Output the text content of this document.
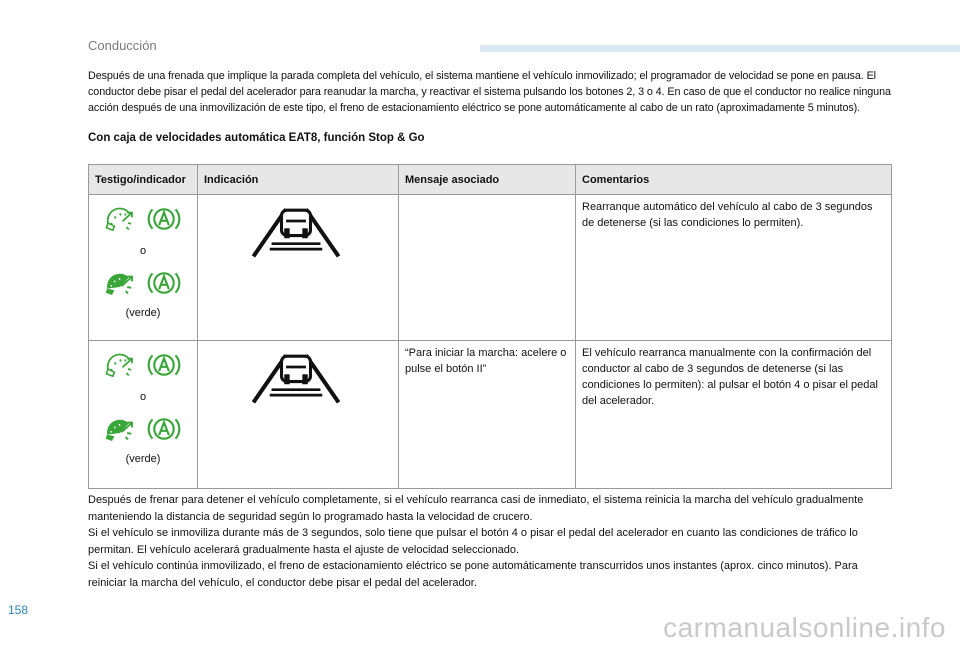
Conducción

Después de una frenada que implique la parada completa del vehículo, el sistema mantiene el vehículo inmovilizado; el programador de velocidad se pone en pausa. El conductor debe pisar el pedal del acelerador para reanudar la marcha, y reactivar el sistema pulsando los botones 2, 3 o 4. En caso de que el conductor no realice ninguna acción después de una inmovilización de este tipo, el freno de estacionamiento eléctrico se pone automáticamente al cabo de un rato (aproximadamente 5 minutos).

Con caja de velocidades automática EAT8, función Stop & Go
Testigo/indicador	Indicación	Mensaje asociado	Comentarios

o
(verde)			Rearranque automático del vehículo al cabo de 3 segundos de detenerse (si las condiciones lo permiten).

o
(verde)		“Para iniciar la marcha: acelere o pulse el botón II”	El vehículo rearranca manualmente con la confirmación del conductor al cabo de 3 segundos de detenerse (si las condiciones lo permiten): al pulsar el botón 4 o pisar el pedal del acelerador.

Después de frenar para detener el vehículo completamente, si el vehículo rearranca casi de inmediato, el sistema reinicia la marcha del vehículo gradualmente manteniendo la distancia de seguridad según lo programado hasta la velocidad de crucero.

Si el vehículo se inmoviliza durante más de 3 segundos, solo tiene que pulsar el botón 4 o pisar el pedal del acelerador en cuanto las condiciones de tráfico lo permitan. El vehículo acelerará gradualmente hasta el ajuste de velocidad seleccionado.

Si el vehículo continúa inmovilizado, el freno de estacionamiento eléctrico se pone automáticamente transcurridos unos instantes (aprox. cinco minutos). Para reiniciar la marcha del vehículo, el conductor debe pisar el pedal del acelerador.

158
carmanualsonline.info
